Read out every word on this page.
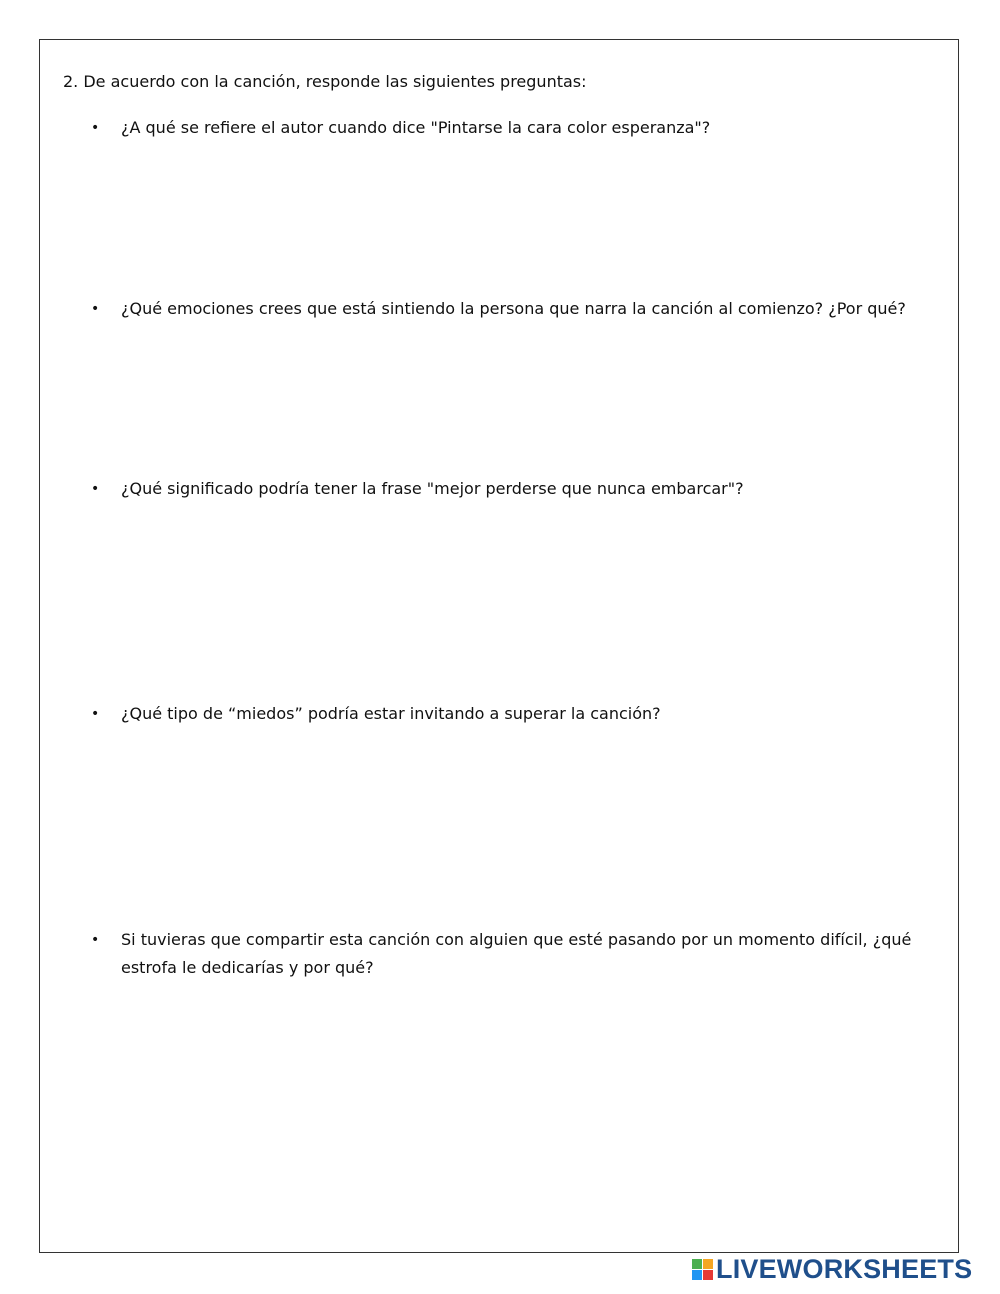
2. De acuerdo con la canción, responde las siguientes preguntas:
• ¿A qué se refiere el autor cuando dice "Pintarse la cara color esperanza"?
• ¿Qué emociones crees que está sintiendo la persona que narra la canción al comienzo? ¿Por qué?
• ¿Qué significado podría tener la frase "mejor perderse que nunca embarcar"?
• ¿Qué tipo de “miedos” podría estar invitando a superar la canción?
• Si tuvieras que compartir esta canción con alguien que esté pasando por un momento difícil, ¿qué estrofa le dedicarías y por qué?
LIVEWORKSHEETS
